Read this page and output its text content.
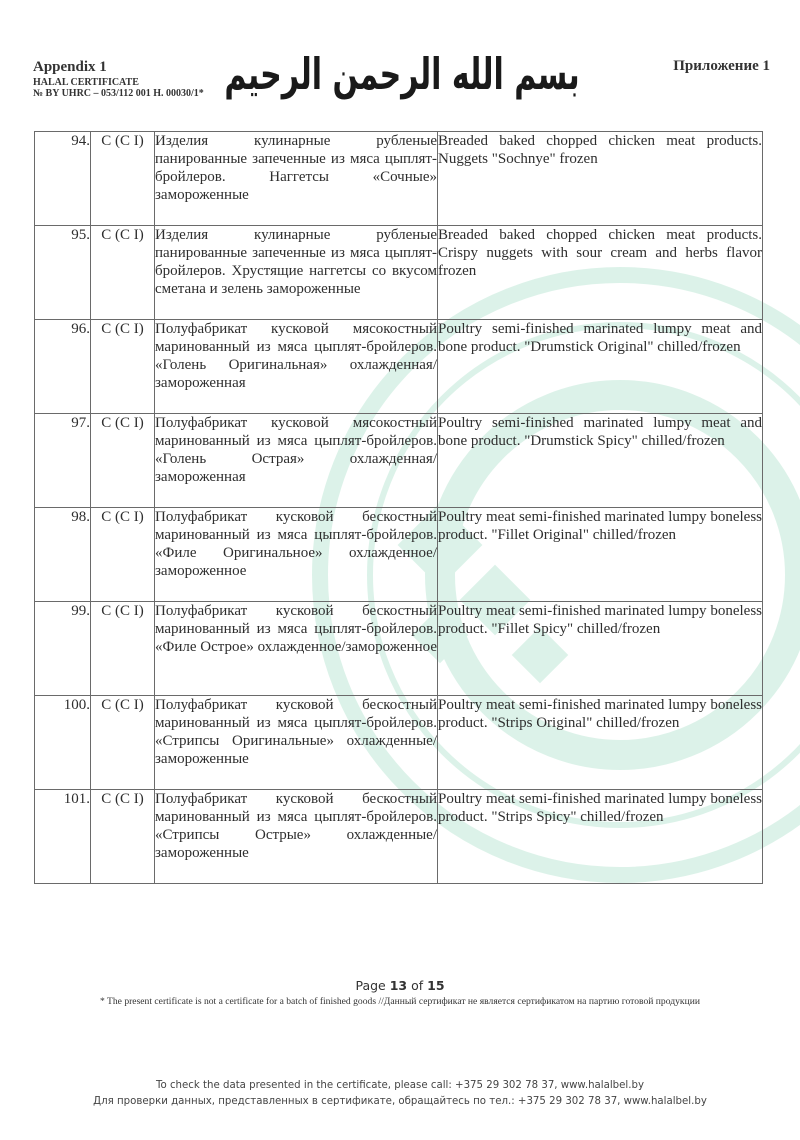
Appendix 1
HALAL CERTIFICATE
№ BY UHRC – 053/112 001 H. 00030/1* بسم الله الرحمن الرحيم	Приложение 1
94.	C (C I)	Изделия кулинарные рубленые панированные запеченные из мяса цыплят-бройлеров. Наггетсы «Сочные» замороженные	Breaded baked chopped chicken meat products. Nuggets "Sochnye" frozen
95.	C (C I)	Изделия кулинарные рубленые панированные запеченные из мяса цыплят-бройлеров. Хрустящие наггетсы со вкусом сметана и зелень замороженные	Breaded baked chopped chicken meat products. Crispy nuggets with sour cream and herbs flavor frozen
96.	C (C I)	Полуфабрикат кусковой мясокостный маринованный из мяса цыплят-бройлеров. «Голень Оригинальная» охлажденная/ замороженная	Poultry semi-finished marinated lumpy meat and bone product. "Drumstick Original" chilled/frozen
97.	C (C I)	Полуфабрикат кусковой мясокостный маринованный из мяса цыплят-бройлеров. «Голень Острая» охлажденная/замороженная	Poultry semi-finished marinated lumpy meat and bone product. "Drumstick Spicy" chilled/frozen
98.	C (C I)	Полуфабрикат кусковой бескостный маринованный из мяса цыплят-бройлеров. «Филе Оригинальное» охлажденное/ замороженное	Poultry meat semi-finished marinated lumpy boneless product. "Fillet Original" chilled/frozen
99.	C (C I)	Полуфабрикат кусковой бескостный маринованный из мяса цыплят-бройлеров. «Филе Острое» охлажденное/замороженное	Poultry meat semi-finished marinated lumpy boneless product. "Fillet Spicy" chilled/frozen
100.	C (C I)	Полуфабрикат кусковой бескостный маринованный из мяса цыплят-бройлеров. «Стрипсы Оригинальные» охлажденные/ замороженные	Poultry meat semi-finished marinated lumpy boneless product. "Strips Original" chilled/frozen
101.	C (C I)	Полуфабрикат кусковой бескостный маринованный из мяса цыплят-бройлеров. «Стрипсы Острые» охлажденные/ замороженные	Poultry meat semi-finished marinated lumpy boneless product. "Strips Spicy" chilled/frozen
Page 13 of 15
* The present certificate is not a certificate for a batch of finished goods //Данный сертификат не является сертификатом на партию готовой продукции
To check the data presented in the certificate, please call: +375 29 302 78 37, www.halalbel.by
Для проверки данных, представленных в сертификате, обращайтесь по тел.: +375 29 302 78 37, www.halalbel.by
